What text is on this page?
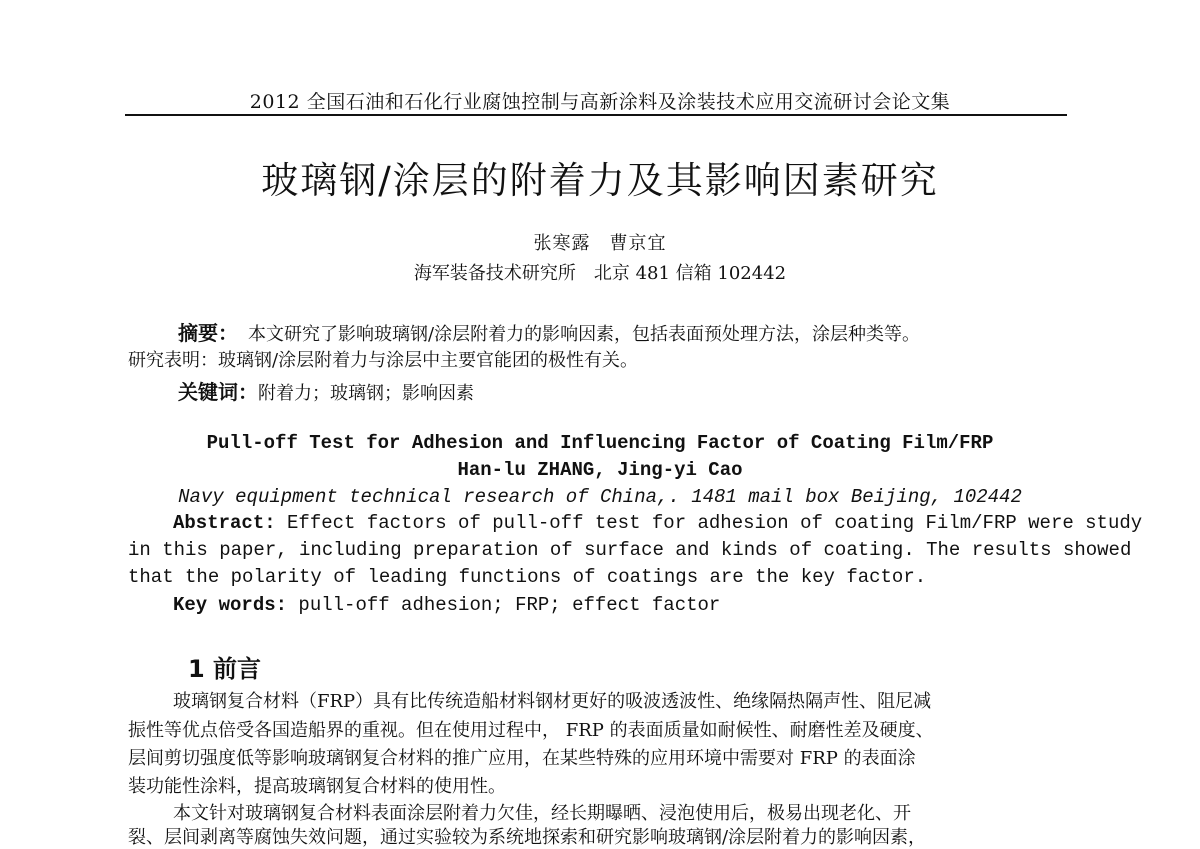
2012 全国石油和石化行业腐蚀控制与高新涂料及涂装技术应用交流研讨会论文集
玻璃钢/涂层的附着力及其影响因素研究
张寒露　曹京宜
海军装备技术研究所　北京 481 信箱 102442
摘要： 本文研究了影响玻璃钢/涂层附着力的影响因素，包括表面预处理方法，涂层种类等。
研究表明：玻璃钢/涂层附着力与涂层中主要官能团的极性有关。
关键词：附着力；玻璃钢；影响因素
Pull-off Test for Adhesion and Influencing Factor of Coating Film/FRP
Han-lu ZHANG, Jing-yi Cao
Navy equipment technical research of China,. 1481 mail box Beijing, 102442
Abstract: Effect factors of pull-off test for adhesion of coating Film/FRP were study
in this paper, including preparation of surface and kinds of coating. The results showed
that the polarity of leading functions of coatings are the key factor.
Key words: pull-off adhesion; FRP; effect factor
1 前言
玻璃钢复合材料（FRP）具有比传统造船材料钢材更好的吸波透波性、绝缘隔热隔声性、阻尼减
振性等优点倍受各国造船界的重视。但在使用过程中， FRP 的表面质量如耐候性、耐磨性差及硬度、
层间剪切强度低等影响玻璃钢复合材料的推广应用，在某些特殊的应用环境中需要对 FRP 的表面涂
装功能性涂料，提高玻璃钢复合材料的使用性。
本文针对玻璃钢复合材料表面涂层附着力欠佳，经长期曝晒、浸泡使用后，极易出现老化、开
裂、层间剥离等腐蚀失效问题，通过实验较为系统地探索和研究影响玻璃钢/涂层附着力的影响因素，
